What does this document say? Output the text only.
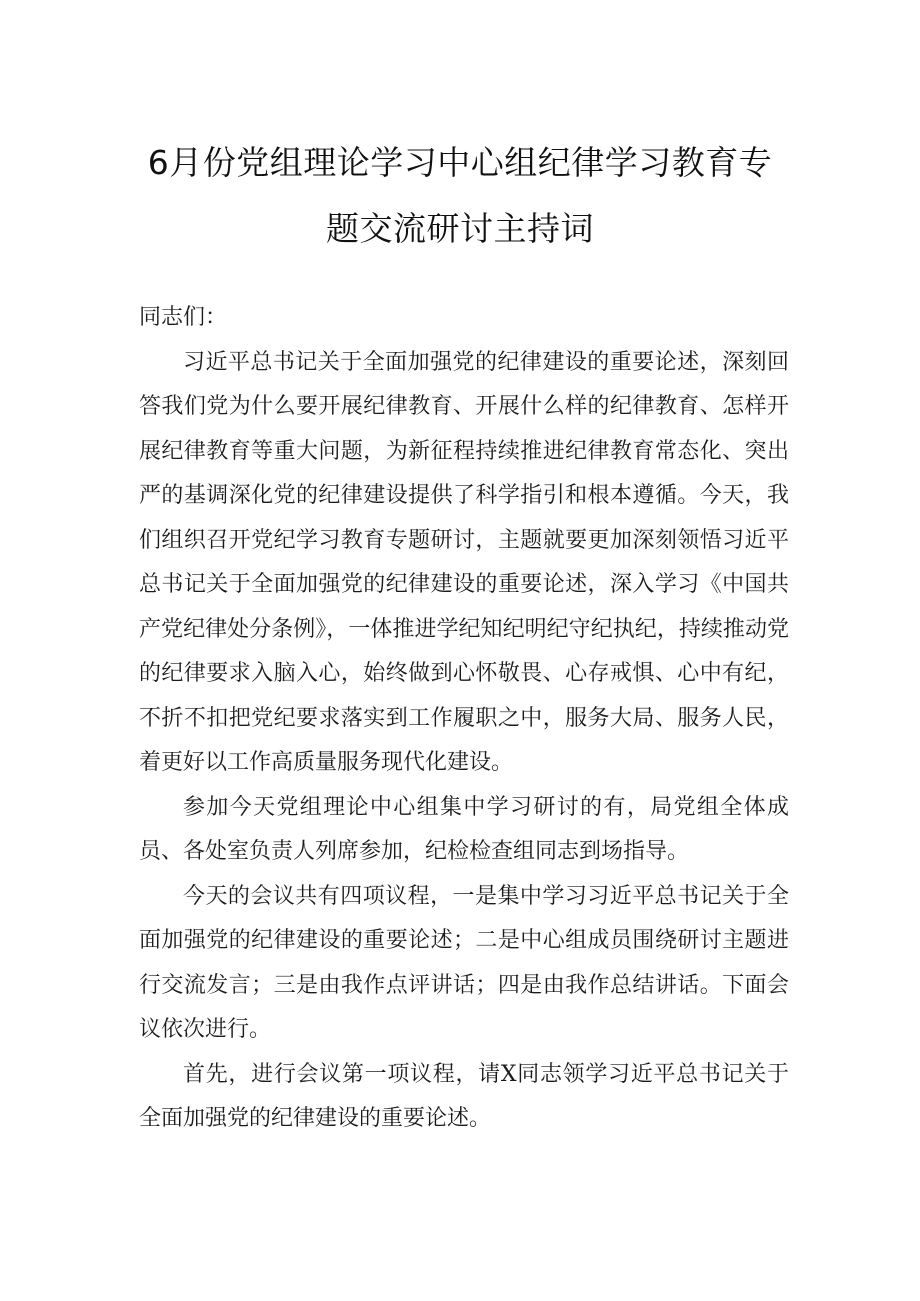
6月份党组理论学习中心组纪律学习教育专
题交流研讨主持词

同志们：

习近平总书记关于全面加强党的纪律建设的重要论述，深刻回答我们党为什么要开展纪律教育、开展什么样的纪律教育、怎样开展纪律教育等重大问题，为新征程持续推进纪律教育常态化、突出严的基调深化党的纪律建设提供了科学指引和根本遵循。今天，我们组织召开党纪学习教育专题研讨，主题就要更加深刻领悟习近平总书记关于全面加强党的纪律建设的重要论述，深入学习《中国共产党纪律处分条例》，一体推进学纪知纪明纪守纪执纪，持续推动党的纪律要求入脑入心，始终做到心怀敬畏、心存戒惧、心中有纪，不折不扣把党纪要求落实到工作履职之中，服务大局、服务人民，着更好以工作高质量服务现代化建设。

参加今天党组理论中心组集中学习研讨的有，局党组全体成员、各处室负责人列席参加，纪检检查组同志到场指导。

今天的会议共有四项议程，一是集中学习习近平总书记关于全面加强党的纪律建设的重要论述；二是中心组成员围绕研讨主题进行交流发言；三是由我作点评讲话；四是由我作总结讲话。下面会议依次进行。

首先，进行会议第一项议程，请X同志领学习近平总书记关于全面加强党的纪律建设的重要论述。
